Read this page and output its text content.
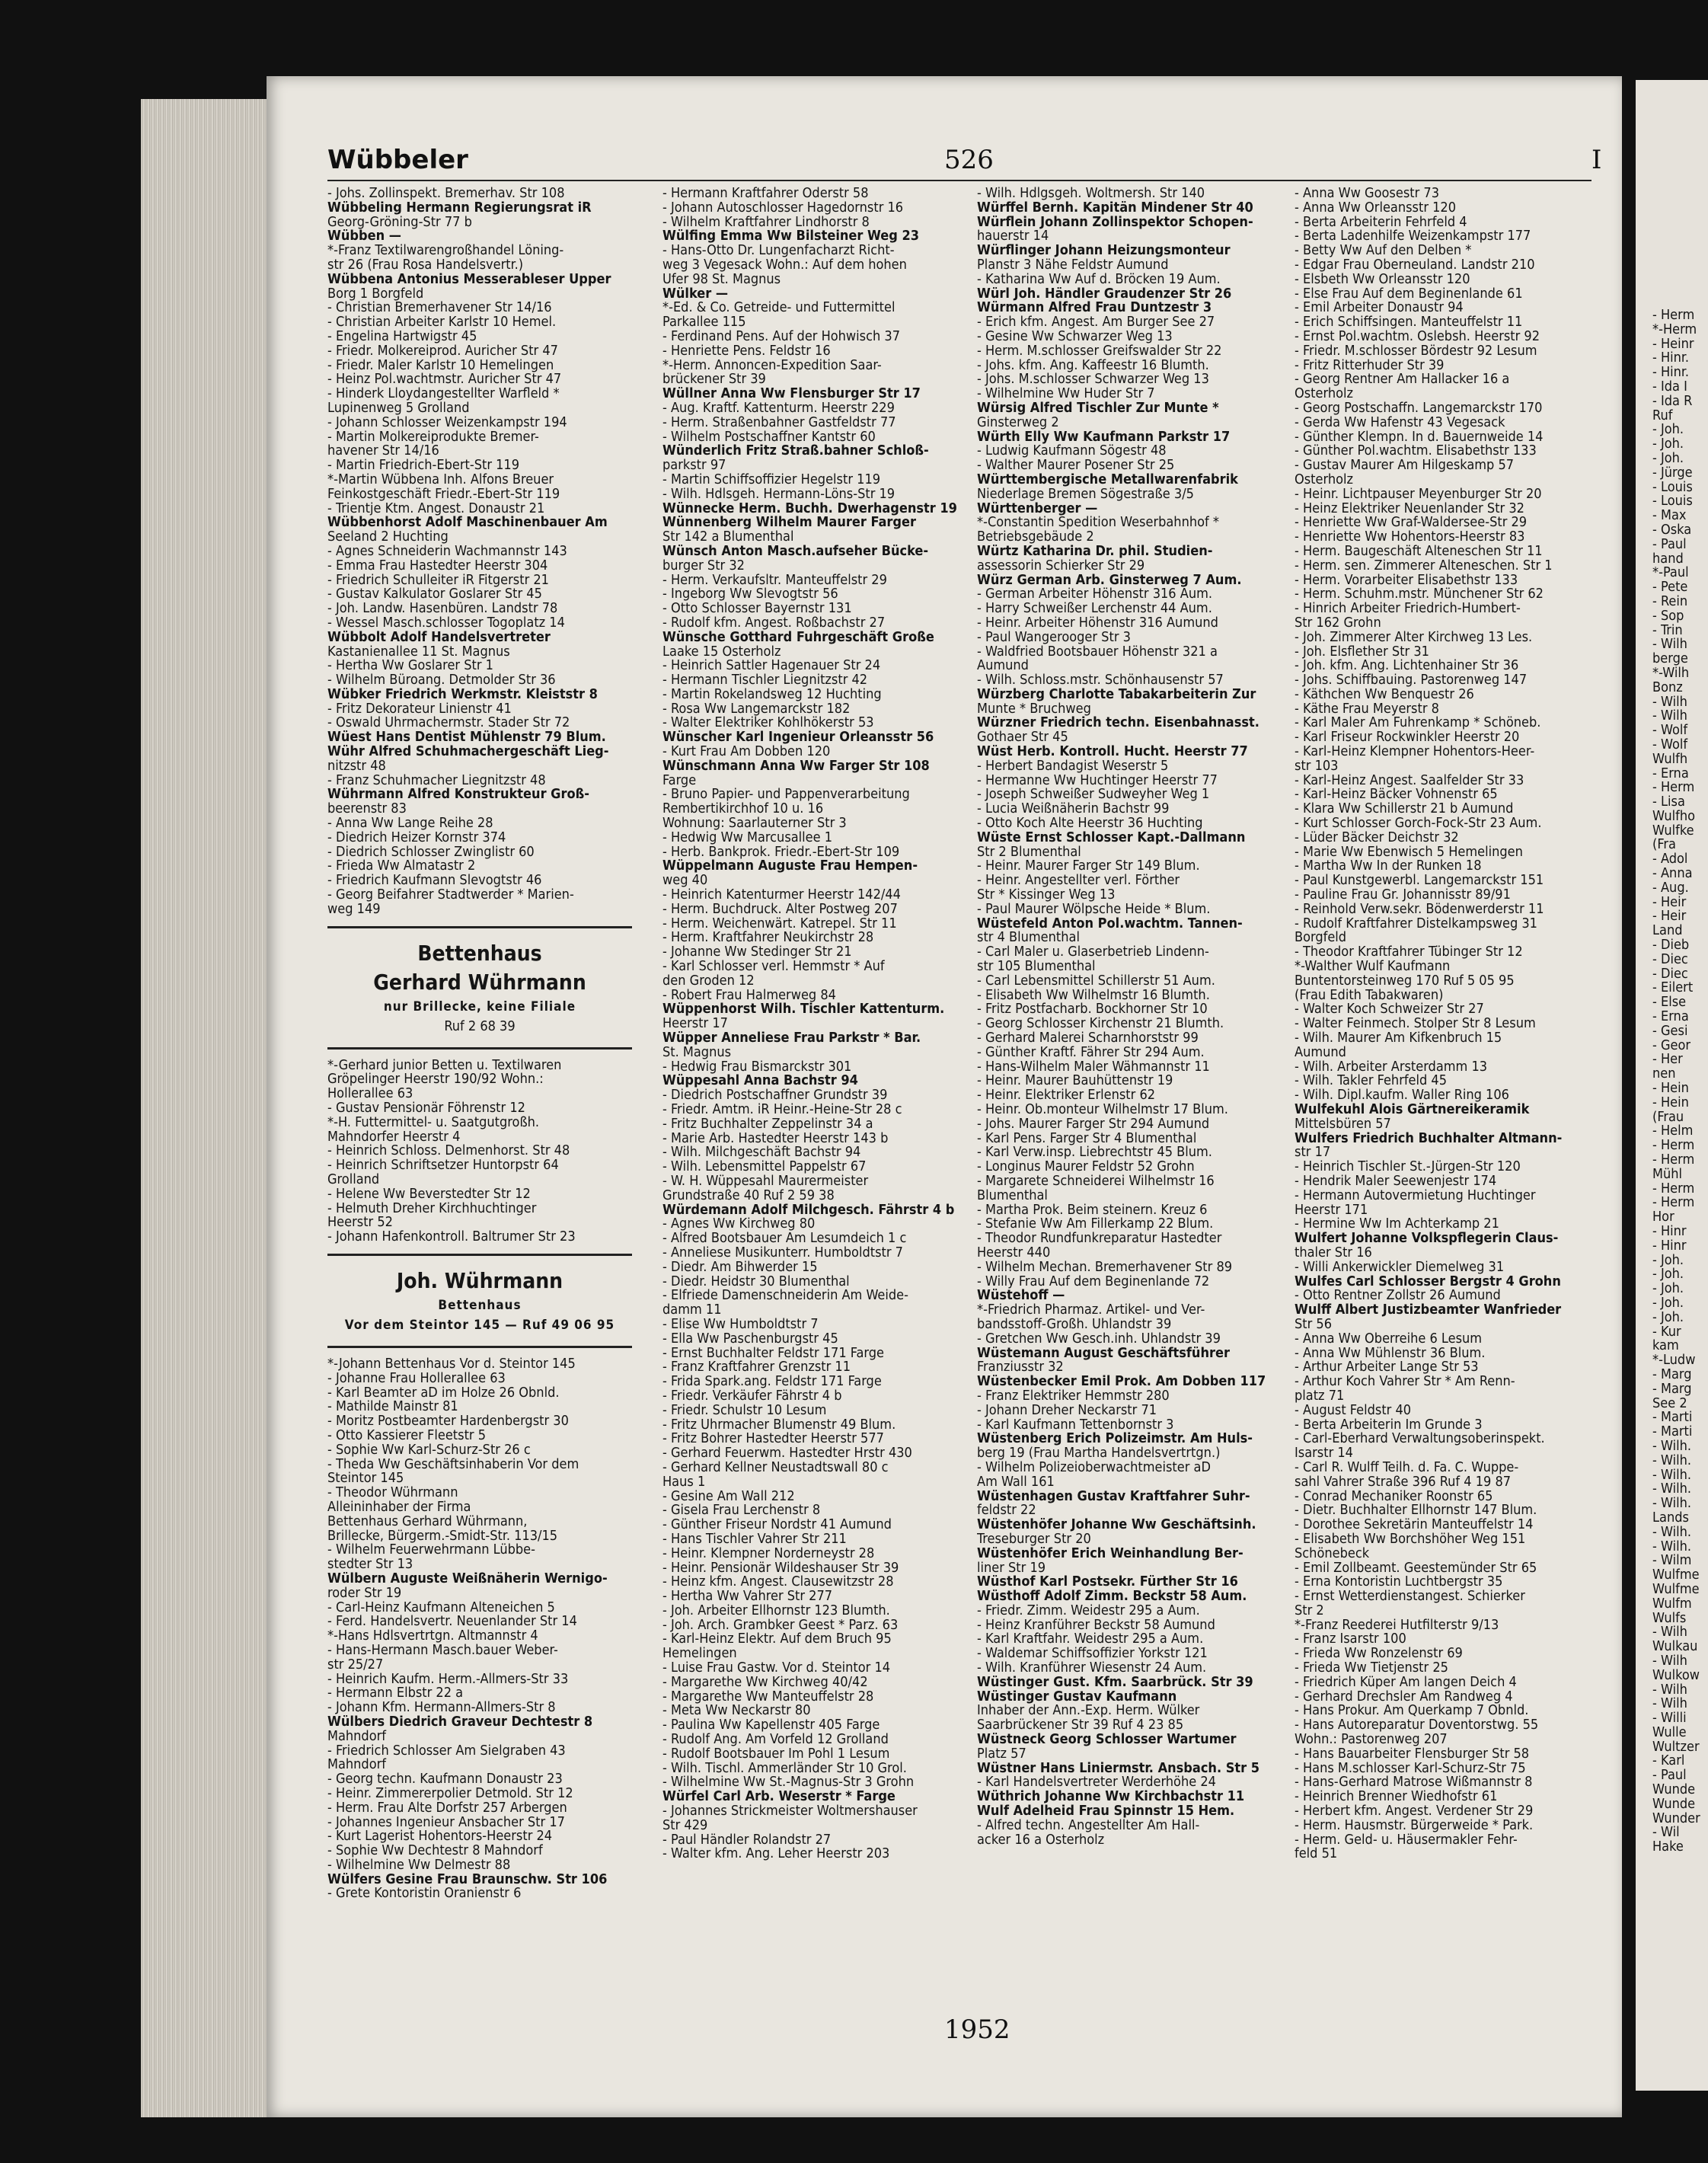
- Herm
*-Herm
- Heinr
- Hinr.
- Hinr.
- Ida I
- Ida R
Ruf
- Joh.
- Joh.
- Joh.
- Jürge
- Louis
- Louis
- Max
- Oska
- Paul
hand
*-Paul
- Pete
- Rein
- Sop
- Trin
- Wilh
berge
*-Wilh
Bonz
- Wilh
- Wilh
- Wolf
- Wolf
Wulfh
- Erna
- Herm
- Lisa
Wulfho
Wulfke
(Fra
- Adol
- Anna
- Aug.
- Heir
- Heir
Land
- Dieb
- Diec
- Diec
- Eilert
- Else
- Erna
- Gesi
- Geor
- Her
nen
- Hein
- Hein
(Frau
- Helm
- Herm
- Herm
Mühl
- Herm
- Herm
Hor
- Hinr
- Hinr
- Joh.
- Joh.
- Joh.
- Joh.
- Joh.
- Kur
kam
*-Ludw
- Marg
- Marg
See 2
- Marti
- Marti
- Wilh.
- Wilh.
- Wilh.
- Wilh.
- Wilh.
Lands
- Wilh.
- Wilh.
- Wilm
Wulfme
Wulfme
Wulfm
Wulfs
- Wilh
Wulkau
- Wilh
Wulkow
- Wilh
- Wilh
- Willi
Wulle
Wultzer
- Karl
- Paul
Wunde
Wunde
Wunder
- Wil
Hake
Wübbeler	526	I
- Johs. Zollinspekt. Bremerhav. Str 108
Wübbeling Hermann Regierungsrat iR
Georg-Gröning-Str 77 b
Wübben —
*-Franz Textilwarengroßhandel Löning-
str 26 (Frau Rosa Handelsvertr.)
Wübbena Antonius Messerableser Upper
Borg 1 Borgfeld
- Christian Bremerhavener Str 14/16
- Christian Arbeiter Karlstr 10 Hemel.
- Engelina Hartwigstr 45
- Friedr. Molkereiprod. Auricher Str 47
- Friedr. Maler Karlstr 10 Hemelingen
- Heinz Pol.wachtmstr. Auricher Str 47
- Hinderk Lloydangestellter Warfleld *
Lupinenweg 5 Grolland
- Johann Schlosser Weizenkampstr 194
- Martin Molkereiprodukte Bremer-
havener Str 14/16
- Martin Friedrich-Ebert-Str 119
*-Martin Wübbena Inh. Alfons Breuer
Feinkostgeschäft Friedr.-Ebert-Str 119
- Trientje Ktm. Angest. Donaustr 21
Wübbenhorst Adolf Maschinenbauer Am
Seeland 2 Huchting
- Agnes Schneiderin Wachmannstr 143
- Emma Frau Hastedter Heerstr 304
- Friedrich Schulleiter iR Fitgerstr 21
- Gustav Kalkulator Goslarer Str 45
- Joh. Landw. Hasenbüren. Landstr 78
- Wessel Masch.schlosser Togoplatz 14
Wübbolt Adolf Handelsvertreter
Kastanienallee 11 St. Magnus
- Hertha Ww Goslarer Str 1
- Wilhelm Büroang. Detmolder Str 36
Wübker Friedrich Werkmstr. Kleiststr 8
- Fritz Dekorateur Linienstr 41
- Oswald Uhrmachermstr. Stader Str 72
Wüest Hans Dentist Mühlenstr 79 Blum.
Wühr Alfred Schuhmachergeschäft Lieg-
nitzstr 48
- Franz Schuhmacher Liegnitzstr 48
Wührmann Alfred Konstrukteur Groß-
beerenstr 83
- Anna Ww Lange Reihe 28
- Diedrich Heizer Kornstr 374
- Diedrich Schlosser Zwinglistr 60
- Frieda Ww Almatastr 2
- Friedrich Kaufmann Slevogtstr 46
- Georg Beifahrer Stadtwerder * Marien-
weg 149
Bettenhaus
Gerhard Wührmann
nur Brillecke, keine Filiale
Ruf 2 68 39
*-Gerhard junior Betten u. Textilwaren
Gröpelinger Heerstr 190/92 Wohn.:
Hollerallee 63
- Gustav Pensionär Föhrenstr 12
*-H. Futtermittel- u. Saatgutgroßh.
Mahndorfer Heerstr 4
- Heinrich Schloss. Delmenhorst. Str 48
- Heinrich Schriftsetzer Huntorpstr 64
Grolland
- Helene Ww Beverstedter Str 12
- Helmuth Dreher Kirchhuchtinger
Heerstr 52
- Johann Hafenkontroll. Baltrumer Str 23
Joh. Wührmann
Bettenhaus
Vor dem Steintor 145 — Ruf 49 06 95
*-Johann Bettenhaus Vor d. Steintor 145
- Johanne Frau Hollerallee 63
- Karl Beamter aD im Holze 26 Obnld.
- Mathilde Mainstr 81
- Moritz Postbeamter Hardenbergstr 30
- Otto Kassierer Fleetstr 5
- Sophie Ww Karl-Schurz-Str 26 c
- Theda Ww Geschäftsinhaberin Vor dem
Steintor 145
- Theodor Wührmann
Alleininhaber der Firma
Bettenhaus Gerhard Wührmann,
Brillecke, Bürgerm.-Smidt-Str. 113/15
- Wilhelm Feuerwehrmann Lübbe-
stedter Str 13
Wülbern Auguste Weißnäherin Wernigo-
roder Str 19
- Carl-Heinz Kaufmann Alteneichen 5
- Ferd. Handelsvertr. Neuenlander Str 14
*-Hans Hdlsvertrtgn. Altmannstr 4
- Hans-Hermann Masch.bauer Weber-
str 25/27
- Heinrich Kaufm. Herm.-Allmers-Str 33
- Hermann Elbstr 22 a
- Johann Kfm. Hermann-Allmers-Str 8
Wülbers Diedrich Graveur Dechtestr 8
Mahndorf
- Friedrich Schlosser Am Sielgraben 43
Mahndorf
- Georg techn. Kaufmann Donaustr 23
- Heinr. Zimmererpolier Detmold. Str 12
- Herm. Frau Alte Dorfstr 257 Arbergen
- Johannes Ingenieur Ansbacher Str 17
- Kurt Lagerist Hohentors-Heerstr 24
- Sophie Ww Dechtestr 8 Mahndorf
- Wilhelmine Ww Delmestr 88
Wülfers Gesine Frau Braunschw. Str 106
- Grete Kontoristin Oranienstr 6
- Hermann Kraftfahrer Oderstr 58
- Johann Autoschlosser Hagedornstr 16
- Wilhelm Kraftfahrer Lindhorstr 8
Wülfing Emma Ww Bilsteiner Weg 23
- Hans-Otto Dr. Lungenfacharzt Richt-
weg 3 Vegesack Wohn.: Auf dem hohen
Ufer 98 St. Magnus
Wülker —
*-Ed. & Co. Getreide- und Futtermittel
Parkallee 115
- Ferdinand Pens. Auf der Hohwisch 37
- Henriette Pens. Feldstr 16
*-Herm. Annoncen-Expedition Saar-
brückener Str 39
Wüllner Anna Ww Flensburger Str 17
- Aug. Kraftf. Kattenturm. Heerstr 229
- Herm. Straßenbahner Gastfeldstr 77
- Wilhelm Postschaffner Kantstr 60
Wünderlich Fritz Straß.bahner Schloß-
parkstr 97
- Martin Schiffsoffizier Hegelstr 119
- Wilh. Hdlsgeh. Hermann-Löns-Str 19
Wünnecke Herm. Buchh. Dwerhagenstr 19
Wünnenberg Wilhelm Maurer Farger
Str 142 a Blumenthal
Wünsch Anton Masch.aufseher Bücke-
burger Str 32
- Herm. Verkaufsltr. Manteuffelstr 29
- Ingeborg Ww Slevogtstr 56
- Otto Schlosser Bayernstr 131
- Rudolf kfm. Angest. Roßbachstr 27
Wünsche Gotthard Fuhrgeschäft Große
Laake 15 Osterholz
- Heinrich Sattler Hagenauer Str 24
- Hermann Tischler Liegnitzstr 42
- Martin Rokelandsweg 12 Huchting
- Rosa Ww Langemarckstr 182
- Walter Elektriker Kohlhökerstr 53
Wünscher Karl Ingenieur Orleansstr 56
- Kurt Frau Am Dobben 120
Wünschmann Anna Ww Farger Str 108
Farge
- Bruno Papier- und Pappenverarbeitung
Rembertikirchhof 10 u. 16
Wohnung: Saarlauterner Str 3
- Hedwig Ww Marcusallee 1
- Herb. Bankprok. Friedr.-Ebert-Str 109
Wüppelmann Auguste Frau Hempen-
weg 40
- Heinrich Katenturmer Heerstr 142/44
- Herm. Buchdruck. Alter Postweg 207
- Herm. Weichenwärt. Katrepel. Str 11
- Herm. Kraftfahrer Neukirchstr 28
- Johanne Ww Stedinger Str 21
- Karl Schlosser verl. Hemmstr * Auf
den Groden 12
- Robert Frau Halmerweg 84
Wüppenhorst Wilh. Tischler Kattenturm.
Heerstr 17
Wüpper Anneliese Frau Parkstr * Bar.
St. Magnus
- Hedwig Frau Bismarckstr 301
Wüppesahl Anna Bachstr 94
- Diedrich Postschaffner Grundstr 39
- Friedr. Amtm. iR Heinr.-Heine-Str 28 c
- Fritz Buchhalter Zeppelinstr 34 a
- Marie Arb. Hastedter Heerstr 143 b
- Wilh. Milchgeschäft Bachstr 94
- Wilh. Lebensmittel Pappelstr 67
- W. H. Wüppesahl Maurermeister
Grundstraße 40 Ruf 2 59 38
Würdemann Adolf Milchgesch. Fährstr 4 b
- Agnes Ww Kirchweg 80
- Alfred Bootsbauer Am Lesumdeich 1 c
- Anneliese Musikunterr. Humboldtstr 7
- Diedr. Am Bihwerder 15
- Diedr. Heidstr 30 Blumenthal
- Elfriede Damenschneiderin Am Weide-
damm 11
- Elise Ww Humboldtstr 7
- Ella Ww Paschenburgstr 45
- Ernst Buchhalter Feldstr 171 Farge
- Franz Kraftfahrer Grenzstr 11
- Frida Spark.ang. Feldstr 171 Farge
- Friedr. Verkäufer Fährstr 4 b
- Friedr. Schulstr 10 Lesum
- Fritz Uhrmacher Blumenstr 49 Blum.
- Fritz Bohrer Hastedter Heerstr 577
- Gerhard Feuerwm. Hastedter Hrstr 430
- Gerhard Kellner Neustadtswall 80 c
Haus 1
- Gesine Am Wall 212
- Gisela Frau Lerchenstr 8
- Günther Friseur Nordstr 41 Aumund
- Hans Tischler Vahrer Str 211
- Heinr. Klempner Norderneystr 28
- Heinr. Pensionär Wildeshauser Str 39
- Heinz kfm. Angest. Clausewitzstr 28
- Hertha Ww Vahrer Str 277
- Joh. Arbeiter Ellhornstr 123 Blumth.
- Joh. Arch. Grambker Geest * Parz. 63
- Karl-Heinz Elektr. Auf dem Bruch 95
Hemelingen
- Luise Frau Gastw. Vor d. Steintor 14
- Margarethe Ww Kirchweg 40/42
- Margarethe Ww Manteuffelstr 28
- Meta Ww Neckarstr 80
- Paulina Ww Kapellenstr 405 Farge
- Rudolf Ang. Am Vorfeld 12 Grolland
- Rudolf Bootsbauer Im Pohl 1 Lesum
- Wilh. Tischl. Ammerländer Str 10 Grol.
- Wilhelmine Ww St.-Magnus-Str 3 Grohn
Würfel Carl Arb. Weserstr * Farge
- Johannes Strickmeister Woltmershauser
Str 429
- Paul Händler Rolandstr 27
- Walter kfm. Ang. Leher Heerstr 203
- Wilh. Hdlgsgeh. Woltmersh. Str 140
Würffel Bernh. Kapitän Mindener Str 40
Würflein Johann Zollinspektor Schopen-
hauerstr 14
Würflinger Johann Heizungsmonteur
Planstr 3 Nähe Feldstr Aumund
- Katharina Ww Auf d. Bröcken 19 Aum.
Würl Joh. Händler Graudenzer Str 26
Würmann Alfred Frau Duntzestr 3
- Erich kfm. Angest. Am Burger See 27
- Gesine Ww Schwarzer Weg 13
- Herm. M.schlosser Greifswalder Str 22
- Johs. kfm. Ang. Kaffeestr 16 Blumth.
- Johs. M.schlosser Schwarzer Weg 13
- Wilhelmine Ww Huder Str 7
Würsig Alfred Tischler Zur Munte *
Ginsterweg 2
Würth Elly Ww Kaufmann Parkstr 17
- Ludwig Kaufmann Sögestr 48
- Walther Maurer Posener Str 25
Württembergische Metallwarenfabrik
Niederlage Bremen Sögestraße 3/5
Württenberger —
*-Constantin Spedition Weserbahnhof *
Betriebsgebäude 2
Würtz Katharina Dr. phil. Studien-
assessorin Schierker Str 29
Würz German Arb. Ginsterweg 7 Aum.
- German Arbeiter Höhenstr 316 Aum.
- Harry Schweißer Lerchenstr 44 Aum.
- Heinr. Arbeiter Höhenstr 316 Aumund
- Paul Wangerooger Str 3
- Waldfried Bootsbauer Höhenstr 321 a
Aumund
- Wilh. Schloss.mstr. Schönhausenstr 57
Würzberg Charlotte Tabakarbeiterin Zur
Munte * Bruchweg
Würzner Friedrich techn. Eisenbahnasst.
Gothaer Str 45
Wüst Herb. Kontroll. Hucht. Heerstr 77
- Herbert Bandagist Weserstr 5
- Hermanne Ww Huchtinger Heerstr 77
- Joseph Schweißer Sudweyher Weg 1
- Lucia Weißnäherin Bachstr 99
- Otto Koch Alte Heerstr 36 Huchting
Wüste Ernst Schlosser Kapt.-Dallmann
Str 2 Blumenthal
- Heinr. Maurer Farger Str 149 Blum.
- Heinr. Angestellter verl. Förther
Str * Kissinger Weg 13
- Paul Maurer Wölpsche Heide * Blum.
Wüstefeld Anton Pol.wachtm. Tannen-
str 4 Blumenthal
- Carl Maler u. Glaserbetrieb Lindenn-
str 105 Blumenthal
- Carl Lebensmittel Schillerstr 51 Aum.
- Elisabeth Ww Wilhelmstr 16 Blumth.
- Fritz Postfacharb. Bockhorner Str 10
- Georg Schlosser Kirchenstr 21 Blumth.
- Gerhard Malerei Scharnhorststr 99
- Günther Kraftf. Fährer Str 294 Aum.
- Hans-Wilhelm Maler Wähmannstr 11
- Heinr. Maurer Bauhüttenstr 19
- Heinr. Elektriker Erlenstr 62
- Heinr. Ob.monteur Wilhelmstr 17 Blum.
- Johs. Maurer Farger Str 294 Aumund
- Karl Pens. Farger Str 4 Blumenthal
- Karl Verw.insp. Liebrechtstr 45 Blum.
- Longinus Maurer Feldstr 52 Grohn
- Margarete Schneiderei Wilhelmstr 16
Blumenthal
- Martha Prok. Beim steinern. Kreuz 6
- Stefanie Ww Am Fillerkamp 22 Blum.
- Theodor Rundfunkreparatur Hastedter
Heerstr 440
- Wilhelm Mechan. Bremerhavener Str 89
- Willy Frau Auf dem Beginenlande 72
Wüstehoff —
*-Friedrich Pharmaz. Artikel- und Ver-
bandsstoff-Großh. Uhlandstr 39
- Gretchen Ww Gesch.inh. Uhlandstr 39
Wüstemann August Geschäftsführer
Franziusstr 32
Wüstenbecker Emil Prok. Am Dobben 117
- Franz Elektriker Hemmstr 280
- Johann Dreher Neckarstr 71
- Karl Kaufmann Tettenbornstr 3
Wüstenberg Erich Polizeimstr. Am Huls-
berg 19 (Frau Martha Handelsvertrtgn.)
- Wilhelm Polizeioberwachtmeister aD
Am Wall 161
Wüstenhagen Gustav Kraftfahrer Suhr-
feldstr 22
Wüstenhöfer Johanne Ww Geschäftsinh.
Treseburger Str 20
Wüstenhöfer Erich Weinhandlung Ber-
liner Str 19
Wüsthof Karl Postsekr. Fürther Str 16
Wüsthoff Adolf Zimm. Beckstr 58 Aum.
- Friedr. Zimm. Weidestr 295 a Aum.
- Heinz Kranführer Beckstr 58 Aumund
- Karl Kraftfahr. Weidestr 295 a Aum.
- Waldemar Schiffsoffizier Yorkstr 121
- Wilh. Kranführer Wiesenstr 24 Aum.
Wüstinger Gust. Kfm. Saarbrück. Str 39
Wüstinger Gustav Kaufmann
Inhaber der Ann.-Exp. Herm. Wülker
Saarbrückener Str 39 Ruf 4 23 85
Wüstneck Georg Schlosser Wartumer
Platz 57
Wüstner Hans Liniermstr. Ansbach. Str 5
- Karl Handelsvertreter Werderhöhe 24
Wüthrich Johanne Ww Kirchbachstr 11
Wulf Adelheid Frau Spinnstr 15 Hem.
- Alfred techn. Angestellter Am Hall-
acker 16 a Osterholz
- Anna Ww Goosestr 73
- Anna Ww Orleansstr 120
- Berta Arbeiterin Fehrfeld 4
- Berta Ladenhilfe Weizenkampstr 177
- Betty Ww Auf den Delben *
- Edgar Frau Oberneuland. Landstr 210
- Elsbeth Ww Orleansstr 120
- Else Frau Auf dem Beginenlande 61
- Emil Arbeiter Donaustr 94
- Erich Schiffsingen. Manteuffelstr 11
- Ernst Pol.wachtm. Oslebsh. Heerstr 92
- Friedr. M.schlosser Bördestr 92 Lesum
- Fritz Ritterhuder Str 39
- Georg Rentner Am Hallacker 16 a
Osterholz
- Georg Postschaffn. Langemarckstr 170
- Gerda Ww Hafenstr 43 Vegesack
- Günther Klempn. In d. Bauernweide 14
- Günther Pol.wachtm. Elisabethstr 133
- Gustav Maurer Am Hilgeskamp 57
Osterholz
- Heinr. Lichtpauser Meyenburger Str 20
- Heinz Elektriker Neuenlander Str 32
- Henriette Ww Graf-Waldersee-Str 29
- Henriette Ww Hohentors-Heerstr 83
- Herm. Baugeschäft Alteneschen Str 11
- Herm. sen. Zimmerer Alteneschen. Str 1
- Herm. Vorarbeiter Elisabethstr 133
- Herm. Schuhm.mstr. Münchener Str 62
- Hinrich Arbeiter Friedrich-Humbert-
Str 162 Grohn
- Joh. Zimmerer Alter Kirchweg 13 Les.
- Joh. Elsflether Str 31
- Joh. kfm. Ang. Lichtenhainer Str 36
- Johs. Schiffbauing. Pastorenweg 147
- Käthchen Ww Benquestr 26
- Käthe Frau Meyerstr 8
- Karl Maler Am Fuhrenkamp * Schöneb.
- Karl Friseur Rockwinkler Heerstr 20
- Karl-Heinz Klempner Hohentors-Heer-
str 103
- Karl-Heinz Angest. Saalfelder Str 33
- Karl-Heinz Bäcker Vohnenstr 65
- Klara Ww Schillerstr 21 b Aumund
- Kurt Schlosser Gorch-Fock-Str 23 Aum.
- Lüder Bäcker Deichstr 32
- Marie Ww Ebenwisch 5 Hemelingen
- Martha Ww In der Runken 18
- Paul Kunstgewerbl. Langemarckstr 151
- Pauline Frau Gr. Johannisstr 89/91
- Reinhold Verw.sekr. Bödenwerderstr 11
- Rudolf Kraftfahrer Distelkampsweg 31
Borgfeld
- Theodor Kraftfahrer Tübinger Str 12
*-Walther Wulf Kaufmann
Buntentorsteinweg 170 Ruf 5 05 95
(Frau Edith Tabakwaren)
- Walter Koch Schweizer Str 27
- Walter Feinmech. Stolper Str 8 Lesum
- Wilh. Maurer Am Kifkenbruch 15
Aumund
- Wilh. Arbeiter Arsterdamm 13
- Wilh. Takler Fehrfeld 45
- Wilh. Dipl.kaufm. Waller Ring 106
Wulfekuhl Alois Gärtnereikeramik
Mittelsbüren 57
Wulfers Friedrich Buchhalter Altmann-
str 17
- Heinrich Tischler St.-Jürgen-Str 120
- Hendrik Maler Seewenjestr 174
- Hermann Autovermietung Huchtinger
Heerstr 171
- Hermine Ww Im Achterkamp 21
Wulfert Johanne Volkspflegerin Claus-
thaler Str 16
- Willi Ankerwickler Diemelweg 31
Wulfes Carl Schlosser Bergstr 4 Grohn
- Otto Rentner Zollstr 26 Aumund
Wulff Albert Justizbeamter Wanfrieder
Str 56
- Anna Ww Oberreihe 6 Lesum
- Anna Ww Mühlenstr 36 Blum.
- Arthur Arbeiter Lange Str 53
- Arthur Koch Vahrer Str * Am Renn-
platz 71
- August Feldstr 40
- Berta Arbeiterin Im Grunde 3
- Carl-Eberhard Verwaltungsoberinspekt.
Isarstr 14
- Carl R. Wulff Teilh. d. Fa. C. Wuppe-
sahl Vahrer Straße 396 Ruf 4 19 87
- Conrad Mechaniker Roonstr 65
- Dietr. Buchhalter Ellhornstr 147 Blum.
- Dorothee Sekretärin Manteuffelstr 14
- Elisabeth Ww Borchshöher Weg 151
Schönebeck
- Emil Zollbeamt. Geestemünder Str 65
- Erna Kontoristin Luchtbergstr 35
- Ernst Wetterdienstangest. Schierker
Str 2
*-Franz Reederei Hutfilterstr 9/13
- Franz Isarstr 100
- Frieda Ww Ronzelenstr 69
- Frieda Ww Tietjenstr 25
- Friedrich Küper Am langen Deich 4
- Gerhard Drechsler Am Randweg 4
- Hans Prokur. Am Querkamp 7 Obnld.
- Hans Autoreparatur Doventorstwg. 55
Wohn.: Pastorenweg 207
- Hans Bauarbeiter Flensburger Str 58
- Hans M.schlosser Karl-Schurz-Str 75
- Hans-Gerhard Matrose Wißmannstr 8
- Heinrich Brenner Wiedhofstr 61
- Herbert kfm. Angest. Verdener Str 29
- Herm. Hausmstr. Bürgerweide * Park.
- Herm. Geld- u. Häusermakler Fehr-
feld 51
1952
